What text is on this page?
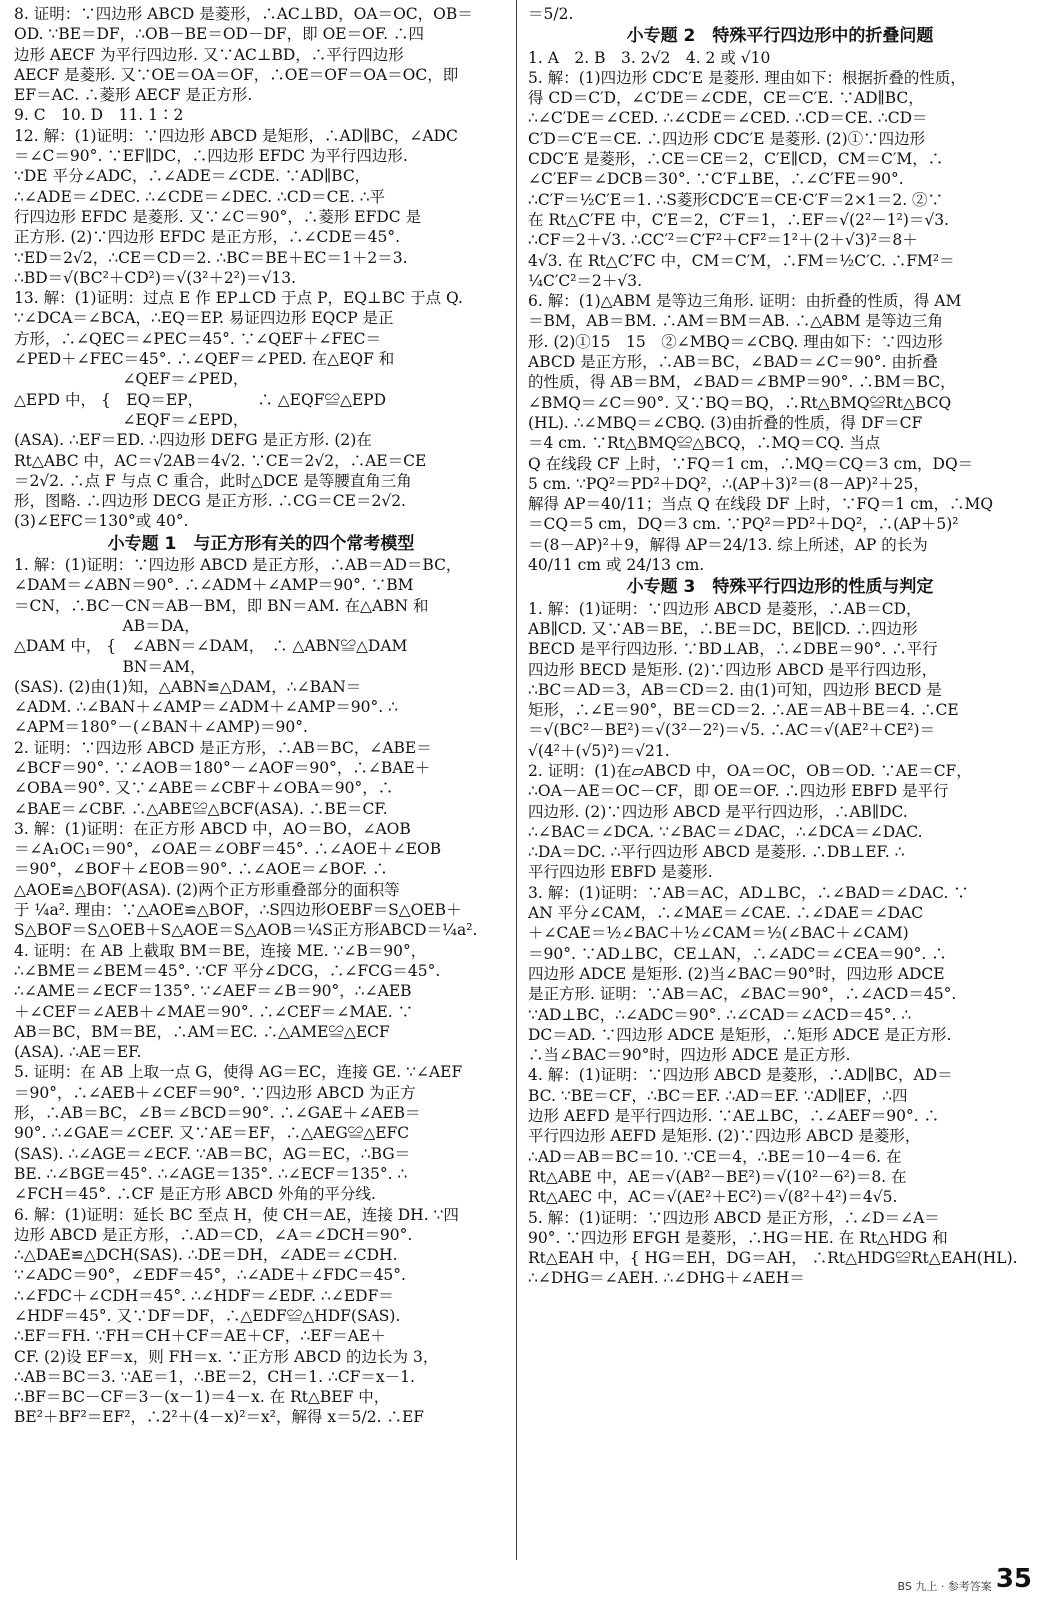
8. 证明：∵四边形 ABCD 是菱形，∴AC⊥BD，OA＝OC，OB＝
OD. ∵BE＝DF，∴OB－BE＝OD－DF，即 OE＝OF. ∴四
边形 AECF 为平行四边形. 又∵AC⊥BD，∴平行四边形
AECF 是菱形. 又∵OE＝OA＝OF，∴OE＝OF＝OA＝OC，即
EF＝AC. ∴菱形 AECF 是正方形.
9. C　10. D　11. 1∶2
12. 解：(1)证明：∵四边形 ABCD 是矩形，∴AD∥BC，∠ADC
＝∠C＝90°. ∵EF∥DC，∴四边形 EFDC 为平行四边形.
∵DE 平分∠ADC，∴∠ADE＝∠CDE. ∵AD∥BC，
∴∠ADE＝∠DEC. ∴∠CDE＝∠DEC. ∴CD＝CE. ∴平
行四边形 EFDC 是菱形. 又∵∠C＝90°，∴菱形 EFDC 是
正方形. (2)∵四边形 EFDC 是正方形，∴∠CDE＝45°.
∵ED＝2√2，∴CE＝CD＝2. ∴BC＝BE＋EC＝1＋2＝3.
∴BD＝√(BC²＋CD²)＝√(3²＋2²)＝√13.
13. 解：(1)证明：过点 E 作 EP⊥CD 于点 P，EQ⊥BC 于点 Q.
∵∠DCA＝∠BCA，∴EQ＝EP. 易证四边形 EQCP 是正
方形，∴∠QEC＝∠PEC＝45°. ∵∠QEF＋∠FEC＝
∠PED＋∠FEC＝45°. ∴∠QEF＝∠PED. 在△EQF 和
　　　　　　　∠QEF＝∠PED，
△EPD 中， {　EQ＝EP，　　　　∴ △EQF≌△EPD
　　　　　　　∠EQF＝∠EPD，
(ASA). ∴EF＝ED. ∴四边形 DEFG 是正方形. (2)在
Rt△ABC 中，AC＝√2AB＝4√2. ∵CE＝2√2，∴AE＝CE
＝2√2. ∴点 F 与点 C 重合，此时△DCE 是等腰直角三角
形，图略. ∴四边形 DECG 是正方形. ∴CG＝CE＝2√2.
(3)∠EFC＝130°或 40°.
小专题 1　与正方形有关的四个常考模型
1. 解：(1)证明：∵四边形 ABCD 是正方形，∴AB＝AD＝BC，
∠DAM＝∠ABN＝90°. ∴∠ADM＋∠AMP＝90°. ∵BM
＝CN，∴BC－CN＝AB－BM，即 BN＝AM. 在△ABN 和
　　　　　　　AB＝DA，
△DAM 中， {　∠ABN＝∠DAM，　∴ △ABN≌△DAM
　　　　　　　BN＝AM，
(SAS). (2)由(1)知，△ABN≌△DAM，∴∠BAN＝
∠ADM. ∴∠BAN＋∠AMP＝∠ADM＋∠AMP＝90°. ∴
∠APM＝180°－(∠BAN＋∠AMP)＝90°.
2. 证明：∵四边形 ABCD 是正方形，∴AB＝BC，∠ABE＝
∠BCF＝90°. ∵∠AOB＝180°－∠AOF＝90°，∴∠BAE＋
∠OBA＝90°. 又∵∠ABE＝∠CBF＋∠OBA＝90°，∴
∠BAE＝∠CBF. ∴△ABE≌△BCF(ASA). ∴BE＝CF.
3. 解：(1)证明：在正方形 ABCD 中，AO＝BO，∠AOB
＝∠A₁OC₁＝90°，∠OAE＝∠OBF＝45°. ∴∠AOE＋∠EOB
＝90°，∠BOF＋∠EOB＝90°. ∴∠AOE＝∠BOF. ∴
△AOE≌△BOF(ASA). (2)两个正方形重叠部分的面积等
于 ¼a². 理由：∵△AOE≌△BOF，∴S四边形OEBF＝S△OEB＋
S△BOF＝S△OEB＋S△AOE＝S△AOB＝¼S正方形ABCD＝¼a².
4. 证明：在 AB 上截取 BM＝BE，连接 ME. ∵∠B＝90°，
∴∠BME＝∠BEM＝45°. ∵CF 平分∠DCG，∴∠FCG＝45°.
∴∠AME＝∠ECF＝135°. ∵∠AEF＝∠B＝90°，∴∠AEB
＋∠CEF＝∠AEB＋∠MAE＝90°. ∴∠CEF＝∠MAE. ∵
AB＝BC，BM＝BE，∴AM＝EC. ∴△AME≌△ECF
(ASA). ∴AE＝EF.
5. 证明：在 AB 上取一点 G，使得 AG＝EC，连接 GE. ∵∠AEF
＝90°，∴∠AEB＋∠CEF＝90°. ∵四边形 ABCD 为正方
形，∴AB＝BC，∠B＝∠BCD＝90°. ∴∠GAE＋∠AEB＝
90°. ∴∠GAE＝∠CEF. 又∵AE＝EF，∴△AEG≌△EFC
(SAS). ∴∠AGE＝∠ECF. ∵AB＝BC，AG＝EC，∴BG＝
BE. ∴∠BGE＝45°. ∴∠AGE＝135°. ∴∠ECF＝135°. ∴
∠FCH＝45°. ∴CF 是正方形 ABCD 外角的平分线.
6. 解：(1)证明：延长 BC 至点 H，使 CH＝AE，连接 DH. ∵四
边形 ABCD 是正方形，∴AD＝CD，∠A＝∠DCH＝90°.
∴△DAE≌△DCH(SAS). ∴DE＝DH，∠ADE＝∠CDH.
∵∠ADC＝90°，∠EDF＝45°，∴∠ADE＋∠FDC＝45°.
∴∠FDC＋∠CDH＝45°. ∴∠HDF＝∠EDF. ∴∠EDF＝
∠HDF＝45°. 又∵DF＝DF，∴△EDF≌△HDF(SAS).
∴EF＝FH. ∵FH＝CH＋CF＝AE＋CF，∴EF＝AE＋
CF. (2)设 EF＝x，则 FH＝x. ∵正方形 ABCD 的边长为 3，
∴AB＝BC＝3. ∵AE＝1，∴BE＝2，CH＝1. ∴CF＝x－1.
∴BF＝BC－CF＝3－(x－1)＝4－x. 在 Rt△BEF 中，
BE²＋BF²＝EF²，∴2²＋(4－x)²＝x²，解得 x＝5/2. ∴EF
＝5/2.
小专题 2　特殊平行四边形中的折叠问题
1. A　2. B　3. 2√2　4. 2 或 √10
5. 解：(1)四边形 CDC′E 是菱形. 理由如下：根据折叠的性质，
得 CD＝C′D，∠C′DE＝∠CDE，CE＝C′E. ∵AD∥BC，
∴∠C′DE＝∠CED. ∴∠CDE＝∠CED. ∴CD＝CE. ∴CD＝
C′D＝C′E＝CE. ∴四边形 CDC′E 是菱形. (2)①∵四边形
CDC′E 是菱形，∴CE＝CE＝2，C′E∥CD，CM＝C′M，∴
∠C′EF＝∠DCB＝30°. ∵C′F⊥BE，∴∠C′FE＝90°.
∴C′F＝½C′E＝1. ∴S菱形CDC′E＝CE·C′F＝2×1＝2. ②∵
在 Rt△C′FE 中，C′E＝2，C′F＝1，∴EF＝√(2²－1²)＝√3.
∴CF＝2＋√3. ∴CC′²＝C′F²＋CF²＝1²＋(2＋√3)²＝8＋
4√3. 在 Rt△C′FC 中，CM＝C′M，∴FM＝½C′C. ∴FM²＝
¼C′C²＝2＋√3.
6. 解：(1)△ABM 是等边三角形. 证明：由折叠的性质，得 AM
＝BM，AB＝BM. ∴AM＝BM＝AB. ∴△ABM 是等边三角
形. (2)①15　15　②∠MBQ＝∠CBQ. 理由如下：∵四边形
ABCD 是正方形，∴AB＝BC，∠BAD＝∠C＝90°. 由折叠
的性质，得 AB＝BM，∠BAD＝∠BMP＝90°. ∴BM＝BC，
∠BMQ＝∠C＝90°. 又∵BQ＝BQ，∴Rt△BMQ≌Rt△BCQ
(HL). ∴∠MBQ＝∠CBQ. (3)由折叠的性质，得 DF＝CF
＝4 cm. ∵Rt△BMQ≌△BCQ，∴MQ＝CQ. 当点
Q 在线段 CF 上时，∵FQ＝1 cm，∴MQ＝CQ＝3 cm，DQ＝
5 cm. ∵PQ²＝PD²＋DQ²，∴(AP＋3)²＝(8－AP)²＋25，
解得 AP＝40/11；当点 Q 在线段 DF 上时，∵FQ＝1 cm，∴MQ
＝CQ＝5 cm，DQ＝3 cm. ∵PQ²＝PD²＋DQ²，∴(AP＋5)²
＝(8－AP)²＋9，解得 AP＝24/13. 综上所述，AP 的长为
40/11 cm 或 24/13 cm.
小专题 3　特殊平行四边形的性质与判定
1. 解：(1)证明：∵四边形 ABCD 是菱形，∴AB＝CD，
AB∥CD. 又∵AB＝BE，∴BE＝DC，BE∥CD. ∴四边形
BECD 是平行四边形. ∵BD⊥AB，∴∠DBE＝90°. ∴平行
四边形 BECD 是矩形. (2)∵四边形 ABCD 是平行四边形，
∴BC＝AD＝3，AB＝CD＝2. 由(1)可知，四边形 BECD 是
矩形，∴∠E＝90°，BE＝CD＝2. ∴AE＝AB＋BE＝4. ∴CE
＝√(BC²－BE²)＝√(3²－2²)＝√5. ∴AC＝√(AE²＋CE²)＝
√(4²＋(√5)²)＝√21.
2. 证明：(1)在▱ABCD 中，OA＝OC，OB＝OD. ∵AE＝CF，
∴OA－AE＝OC－CF，即 OE＝OF. ∴四边形 EBFD 是平行
四边形. (2)∵四边形 ABCD 是平行四边形，∴AB∥DC.
∴∠BAC＝∠DCA. ∵∠BAC＝∠DAC，∴∠DCA＝∠DAC.
∴DA＝DC. ∴平行四边形 ABCD 是菱形. ∴DB⊥EF. ∴
平行四边形 EBFD 是菱形.
3. 解：(1)证明：∵AB＝AC，AD⊥BC，∴∠BAD＝∠DAC. ∵
AN 平分∠CAM，∴∠MAE＝∠CAE. ∴∠DAE＝∠DAC
＋∠CAE＝½∠BAC＋½∠CAM＝½(∠BAC＋∠CAM)
＝90°. ∵AD⊥BC，CE⊥AN，∴∠ADC＝∠CEA＝90°. ∴
四边形 ADCE 是矩形. (2)当∠BAC＝90°时，四边形 ADCE
是正方形. 证明：∵AB＝AC，∠BAC＝90°，∴∠ACD＝45°.
∵AD⊥BC，∴∠ADC＝90°. ∴∠CAD＝∠ACD＝45°. ∴
DC＝AD. ∵四边形 ADCE 是矩形，∴矩形 ADCE 是正方形.
∴当∠BAC＝90°时，四边形 ADCE 是正方形.
4. 解：(1)证明：∵四边形 ABCD 是菱形，∴AD∥BC，AD＝
BC. ∵BE＝CF，∴BC＝EF. ∴AD＝EF. ∵AD∥EF，∴四
边形 AEFD 是平行四边形. ∵AE⊥BC，∴∠AEF＝90°. ∴
平行四边形 AEFD 是矩形. (2)∵四边形 ABCD 是菱形，
∴AD＝AB＝BC＝10. ∵CE＝4，∴BE＝10－4＝6. 在
Rt△ABE 中，AE＝√(AB²－BE²)＝√(10²－6²)＝8. 在
Rt△AEC 中，AC＝√(AE²＋EC²)＝√(8²＋4²)＝4√5.
5. 解：(1)证明：∵四边形 ABCD 是正方形，∴∠D＝∠A＝
90°. ∵四边形 EFGH 是菱形，∴HG＝HE. 在 Rt△HDG 和
Rt△EAH 中，{ HG＝EH，DG＝AH， ∴Rt△HDG≌Rt△EAH(HL).
∴∠DHG＝∠AEH. ∴∠DHG＋∠AEH＝
BS 九上 · 参考答案 35
